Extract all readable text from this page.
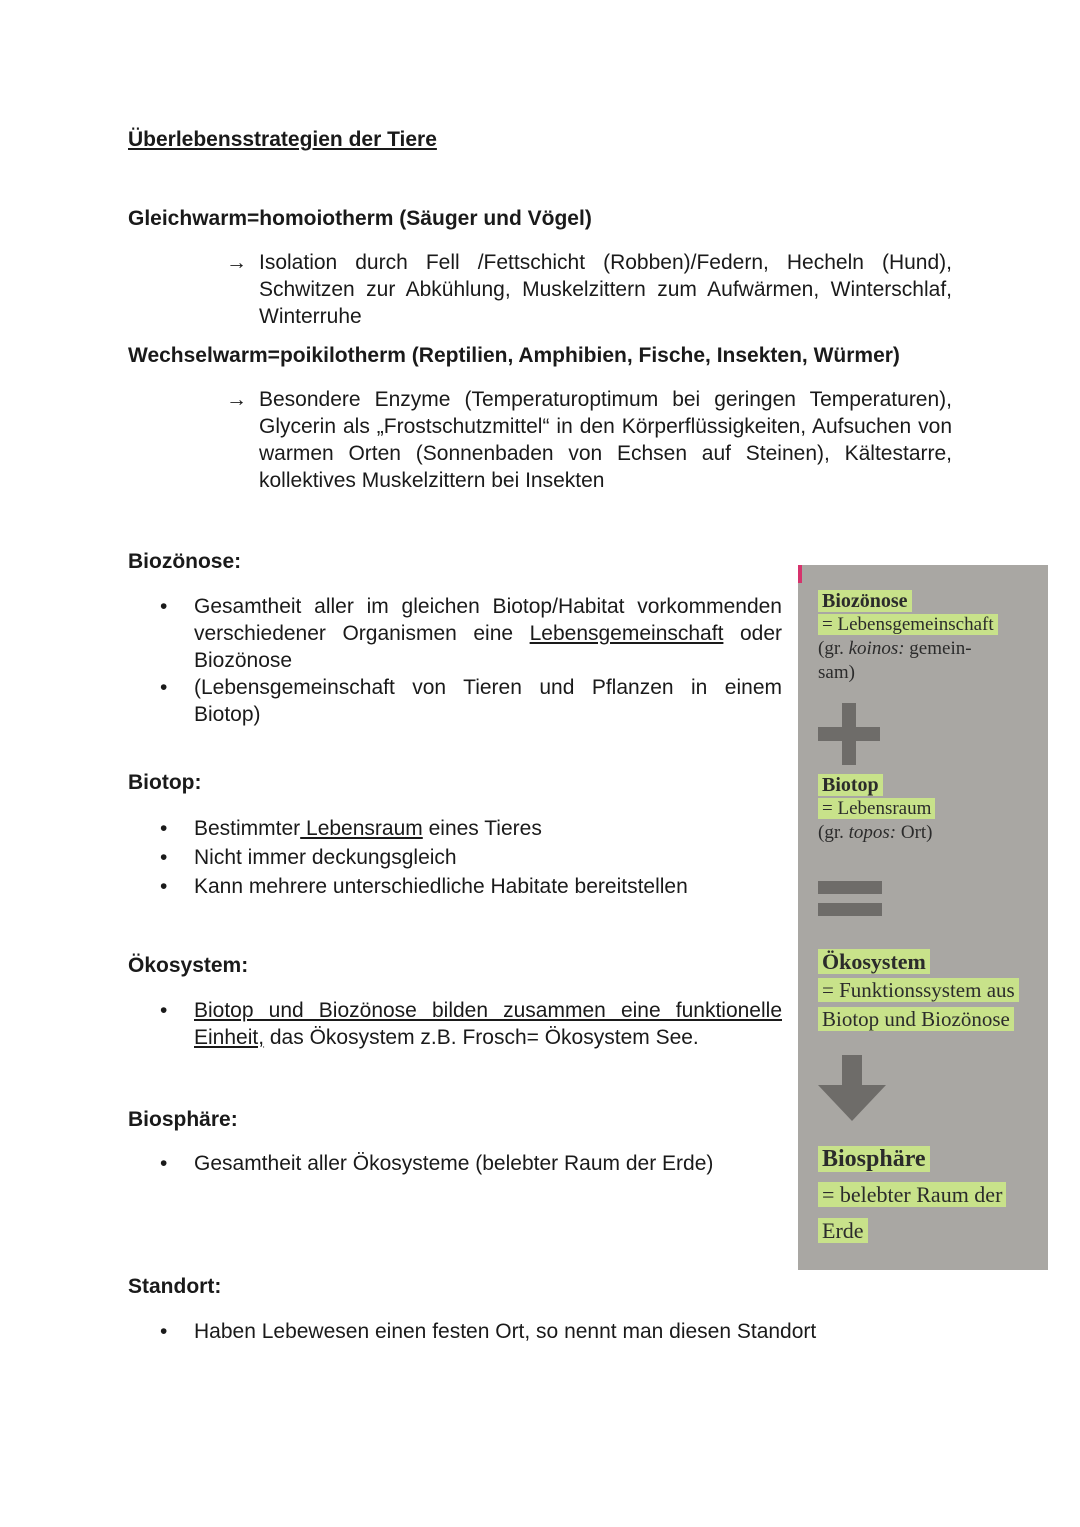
Überlebensstrategien der Tiere
Gleichwarm=homoiotherm (Säuger und Vögel)
→ Isolation durch Fell /Fettschicht (Robben)/Federn, Hecheln (Hund), Schwitzen zur Abkühlung, Muskelzittern zum Aufwärmen, Winterschlaf, Winterruhe
Wechselwarm=poikilotherm (Reptilien, Amphibien, Fische, Insekten, Würmer)
→ Besondere Enzyme (Temperaturoptimum bei geringen Temperaturen), Glycerin als „Frostschutzmittel“ in den Körperflüssigkeiten, Aufsuchen von warmen Orten (Sonnenbaden von Echsen auf Steinen), Kältestarre, kollektives Muskelzittern bei Insekten
Biozönose:
• Gesamtheit aller im gleichen Biotop/Habitat vorkommenden verschiedener Organismen eine Lebensgemeinschaft oder Biozönose
• (Lebensgemeinschaft von Tieren und Pflanzen in einem Biotop)
Biotop:
• Bestimmter Lebensraum eines Tieres
• Nicht immer deckungsgleich
• Kann mehrere unterschiedliche Habitate bereitstellen
Ökosystem:
• Biotop und Biozönose bilden zusammen eine funktionelle Einheit, das Ökosystem z.B. Frosch= Ökosystem See.
Biosphäre:
• Gesamtheit aller Ökosysteme (belebter Raum der Erde)
Standort:
• Haben Lebewesen einen festen Ort, so nennt man diesen Standort
Biozönose
= Lebensgemeinschaft
(gr. koinos: gemein-
sam)
Biotop
= Lebensraum
(gr. topos: Ort)
Ökosystem
= Funktionssystem aus
Biotop und Biozönose
Biosphäre
= belebter Raum der
Erde
